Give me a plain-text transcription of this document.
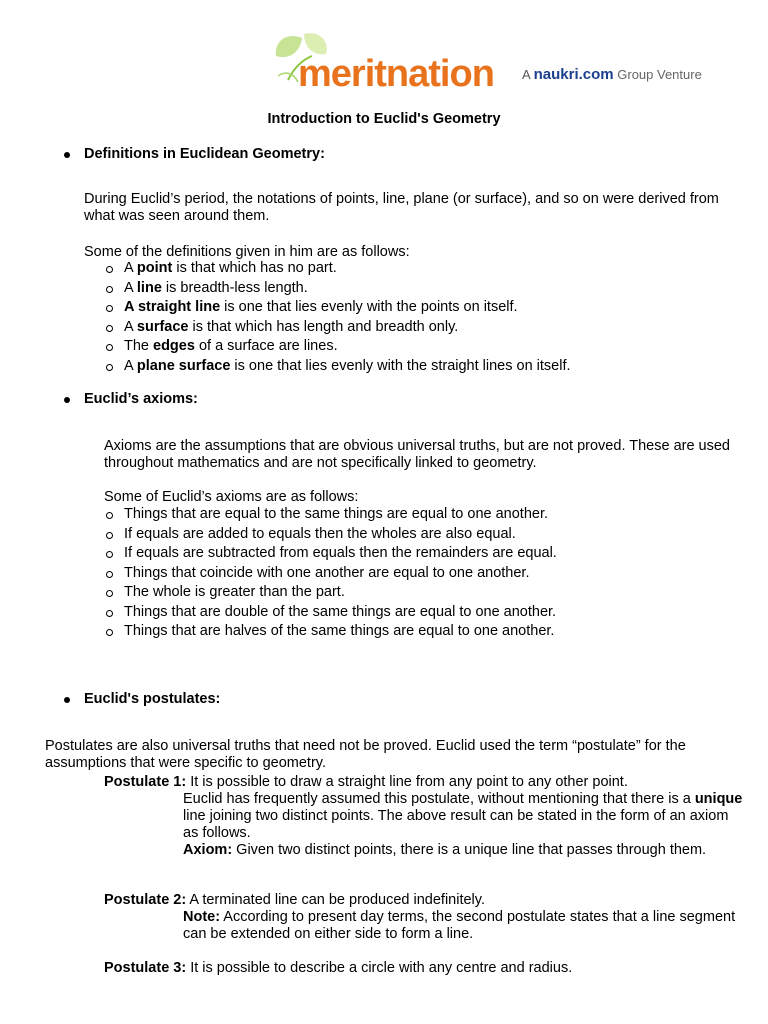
meritnation A naukri.com Group Venture
Introduction to Euclid's Geometry
Definitions in Euclidean Geometry:

During Euclid’s period, the notations of points, line, plane (or surface), and so on were derived from what was seen around them.

Some of the definitions given in him are as follows:

A point is that which has no part.
A line is breadth-less length.
A straight line is one that lies evenly with the points on itself.
A surface is that which has length and breadth only.
The edges of a surface are lines.
A plane surface is one that lies evenly with the straight lines on itself.
Euclid’s axioms:

Axioms are the assumptions that are obvious universal truths, but are not proved. These are used throughout mathematics and are not specifically linked to geometry.

Some of Euclid’s axioms are as follows:

Things that are equal to the same things are equal to one another.
If equals are added to equals then the wholes are also equal.
If equals are subtracted from equals then the remainders are equal.
Things that coincide with one another are equal to one another.
The whole is greater than the part.
Things that are double of the same things are equal to one another.
Things that are halves of the same things are equal to one another.
Euclid's postulates:

Postulates are also universal truths that need not be proved. Euclid used the term “postulate” for the assumptions that were specific to geometry.

Postulate 1: It is possible to draw a straight line from any point to any other point.
Euclid has frequently assumed this postulate, without mentioning that there is a unique line joining two distinct points. The above result can be stated in the form of an axiom as follows.
Axiom: Given two distinct points, there is a unique line that passes through them.
Postulate 2: A terminated line can be produced indefinitely.
Note: According to present day terms, the second postulate states that a line segment can be extended on either side to form a line.
Postulate 3: It is possible to describe a circle with any centre and radius.
